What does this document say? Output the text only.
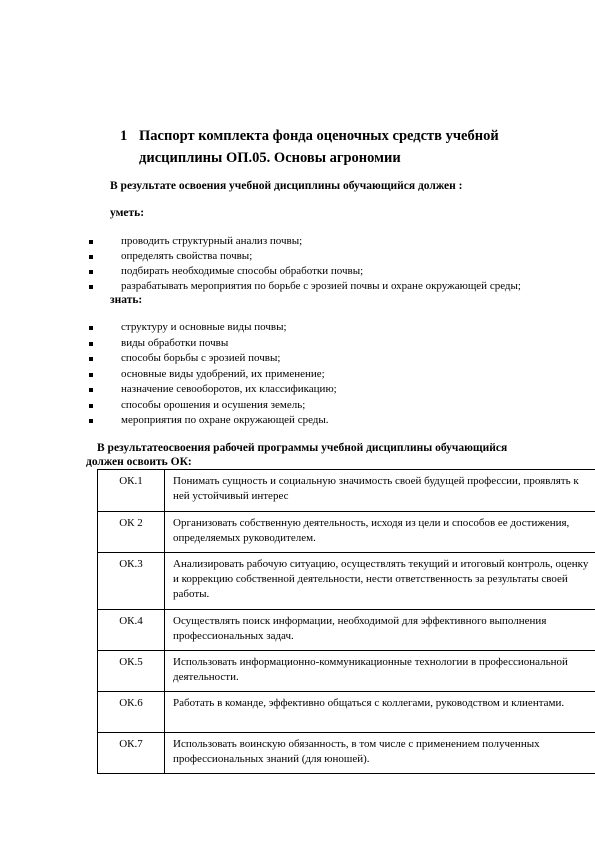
1 Паспорт комплекта фонда оценочных средств учебной
дисциплины ОП.05. Основы агрономии
В результате освоения учебной дисциплины обучающийся должен :
уметь:
проводить структурный анализ почвы;
определять свойства почвы;
подбирать необходимые способы обработки почвы;
разрабатывать мероприятия по борьбе с эрозией почвы и охране окружающей среды;
знать:
структуру и основные виды почвы;
виды обработки почвы
способы борьбы с эрозией почвы;
основные виды удобрений, их применение;
назначение севооборотов, их классификацию;
способы орошения и осушения земель;
мероприятия по охране окружающей среды.
В результатеосвоения рабочей программы учебной дисциплины обучающийся
должен освоить ОК:
ОК.1	Понимать сущность и социальную значимость своей будущей профессии, проявлять к ней устойчивый интерес
ОК 2	Организовать собственную деятельность, исходя из цели и способов ее достижения, определяемых руководителем.
ОК.3	Анализировать рабочую ситуацию, осуществлять текущий и итоговый контроль, оценку и коррекцию собственной деятельности, нести ответственность за результаты своей работы.
ОК.4	Осуществлять поиск информации, необходимой для эффективного выполнения профессиональных задач.
ОК.5	Использовать информационно-коммуникационные технологии в профессиональной деятельности.
ОК.6	Работать в команде, эффективно общаться с коллегами, руководством и клиентами.
ОК.7	Использовать воинскую обязанность, в том числе с применением полученных профессиональных знаний (для юношей).
